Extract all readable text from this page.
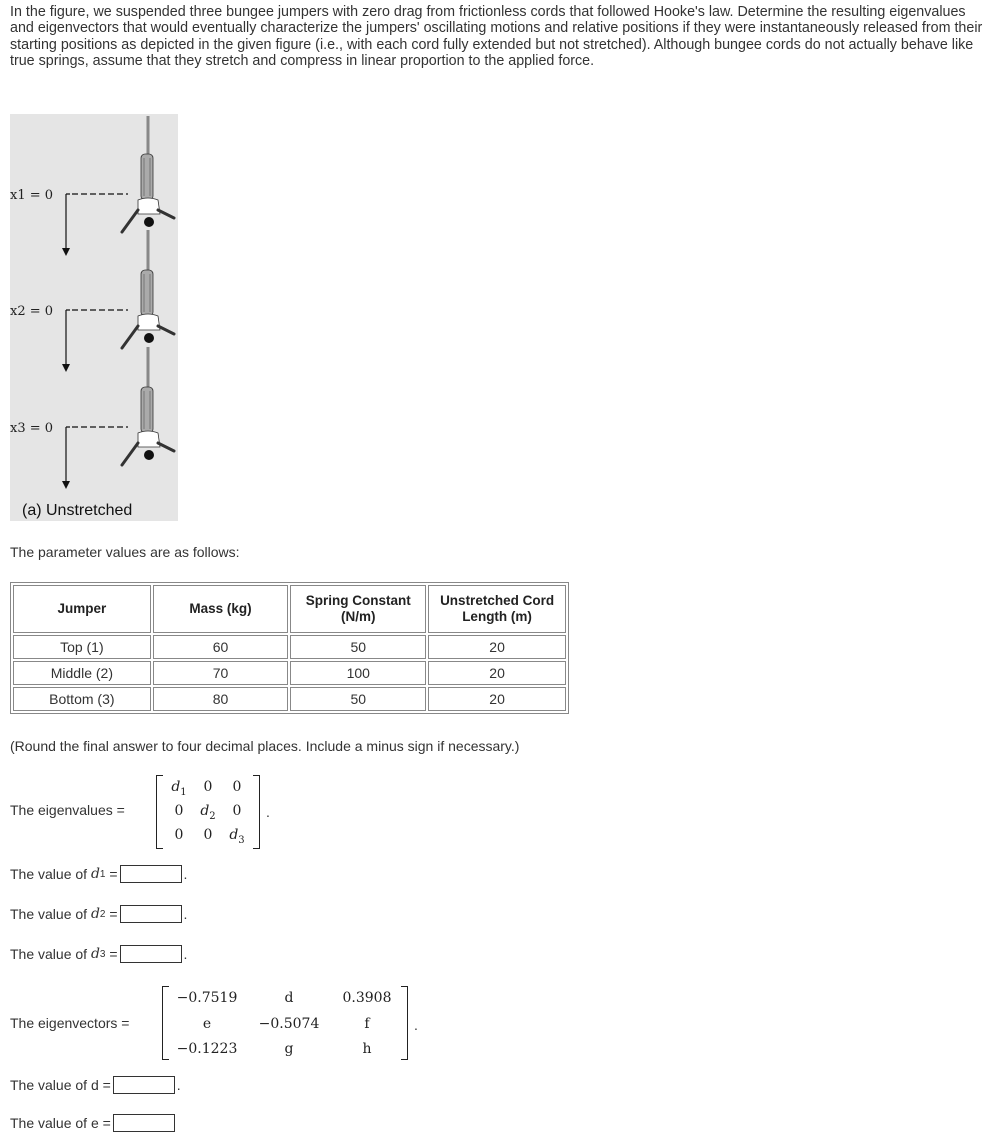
In the figure, we suspended three bungee jumpers with zero drag from frictionless cords that followed Hooke's law. Determine the resulting eigenvalues and eigenvectors that would eventually characterize the jumpers' oscillating motions and relative positions if they were instantaneously released from their starting positions as depicted in the given figure (i.e., with each cord fully extended but not stretched). Although bungee cords do not actually behave like true springs, assume that they stretch and compress in linear proportion to the applied force.

x1 = 0
x2 = 0
x3 = 0
(a) Unstretched

The parameter values are as follows:

Jumper	Mass (kg)	Spring Constant (N/m)	Unstretched Cord Length (m)
Top (1)	60	50	20
Middle (2)	70	100	20
Bottom (3)	80	50	20

(Round the final answer to four decimal places. Include a minus sign if necessary.)

The eigenvalues =
$d_1$	0	0
0	$d_2$	0
0	0	$d_3$
.
The value of d 1 =	.
The value of d 2 =	.
The value of d 3 =	.
The eigenvectors =
−0.7519	d	0.3908
e	−0.5074	f
−0.1223	g	h
.
The value of d =	.
The value of e =
